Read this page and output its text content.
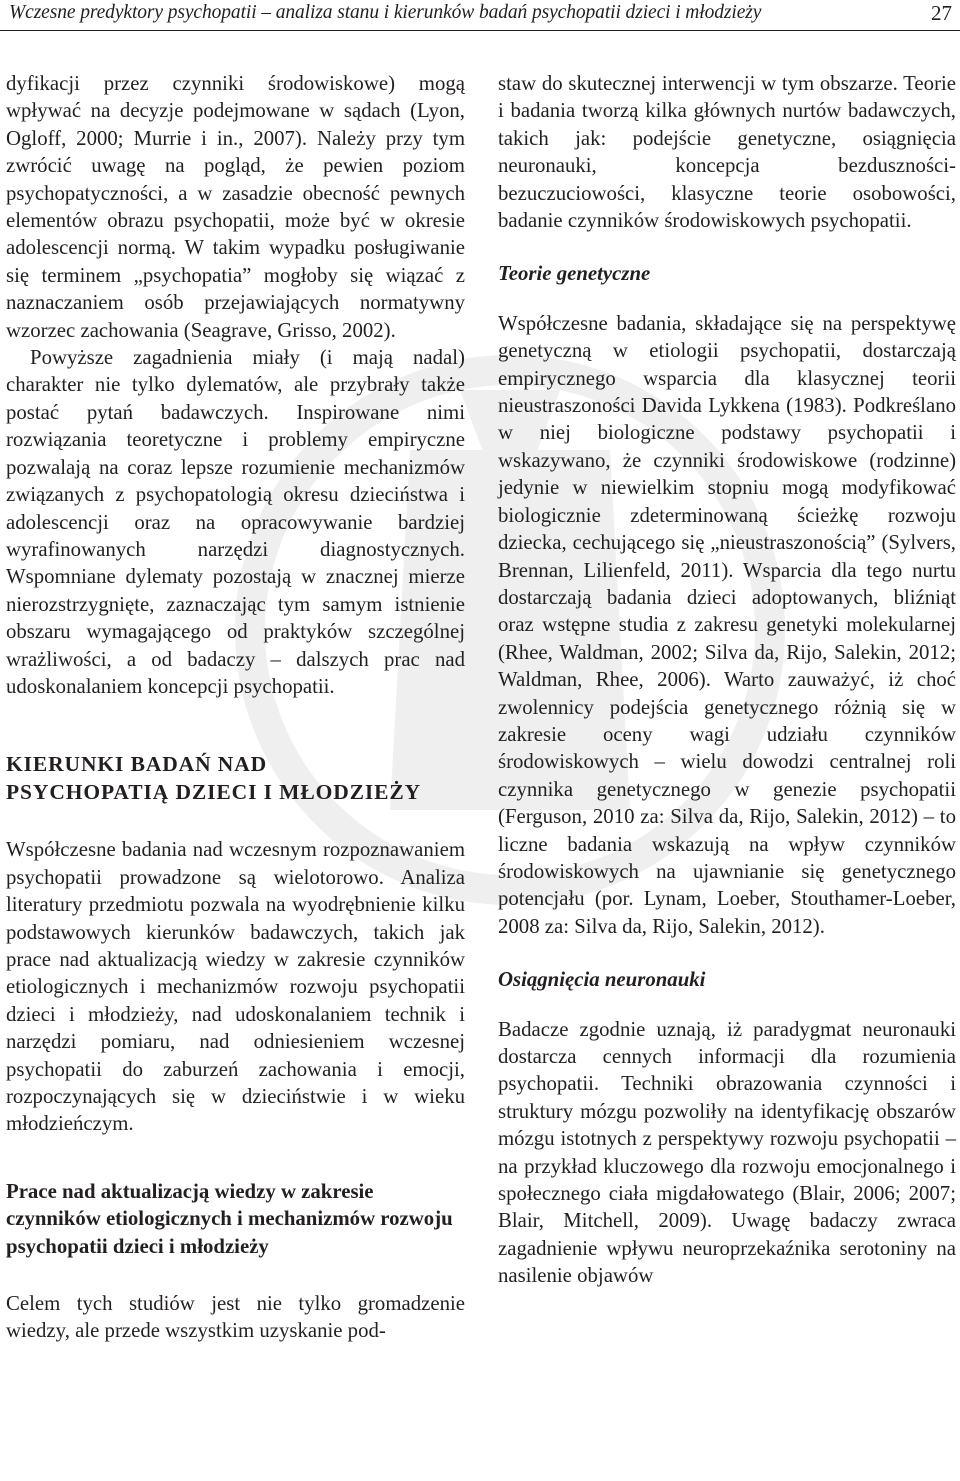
Wczesne predyktory psychopatii – analiza stanu i kierunków badań psychopatii dzieci i młodzieży	27

dyfikacji przez czynniki środowiskowe) mogą wpływać na decyzje podejmowane w sądach (Lyon, Ogloff, 2000; Murrie i in., 2007). Należy przy tym zwrócić uwagę na pogląd, że pewien poziom psychopatyczności, a w zasadzie obecność pewnych elementów obrazu psychopatii, może być w okresie adolescencji normą. W takim wypadku posługiwanie się terminem „psychopatia” mogłoby się wiązać z naznaczaniem osób przejawiających normatywny wzorzec zachowania (Seagrave, Grisso, 2002).

Powyższe zagadnienia miały (i mają nadal) charakter nie tylko dylematów, ale przybrały także postać pytań badawczych. Inspirowane nimi rozwiązania teoretyczne i problemy empiryczne pozwalają na coraz lepsze rozumienie mechanizmów związanych z psychopatologią okresu dzieciństwa i adolescencji oraz na opracowywanie bardziej wyrafinowanych narzędzi diagnostycznych. Wspomniane dylematy pozostają w znacznej mierze nierozstrzygnięte, zaznaczając tym samym istnienie obszaru wymagającego od praktyków szczególnej wrażliwości, a od badaczy – dalszych prac nad udoskonalaniem koncepcji psychopatii.

KIERUNKI BADAŃ NAD
PSYCHOPATIĄ DZIECI I MŁODZIEŻY

Współczesne badania nad wczesnym rozpoznawaniem psychopatii prowadzone są wielotorowo. Analiza literatury przedmiotu pozwala na wyodrębnienie kilku podstawowych kierunków badawczych, takich jak prace nad aktualizacją wiedzy w zakresie czynników etiologicznych i mechanizmów rozwoju psychopatii dzieci i młodzieży, nad udoskonalaniem technik i narzędzi pomiaru, nad odniesieniem wczesnej psychopatii do zaburzeń zachowania i emocji, rozpoczynających się w dzieciństwie i w wieku młodzieńczym.

Prace nad aktualizacją wiedzy w zakresie czynników etiologicznych i mechanizmów rozwoju psychopatii dzieci i młodzieży

Celem tych studiów jest nie tylko gromadzenie wiedzy, ale przede wszystkim uzyskanie pod-

staw do skutecznej interwencji w tym obszarze. Teorie i badania tworzą kilka głównych nurtów badawczych, takich jak: podejście genetyczne, osiągnięcia neuronauki, koncepcja bezduszności-bezuczuciowości, klasyczne teorie osobowości, badanie czynników środowiskowych psychopatii.

Teorie genetyczne

Współczesne badania, składające się na perspektywę genetyczną w etiologii psychopatii, dostarczają empirycznego wsparcia dla klasycznej teorii nieustraszoności Davida Lykkena (1983). Podkreślano w niej biologiczne podstawy psychopatii i wskazywano, że czynniki środowiskowe (rodzinne) jedynie w niewielkim stopniu mogą modyfikować biologicznie zdeterminowaną ścieżkę rozwoju dziecka, cechującego się „nieustraszonością” (Sylvers, Brennan, Lilienfeld, 2011). Wsparcia dla tego nurtu dostarczają badania dzieci adoptowanych, bliźniąt oraz wstępne studia z zakresu genetyki molekularnej (Rhee, Waldman, 2002; Silva da, Rijo, Salekin, 2012; Waldman, Rhee, 2006). Warto zauważyć, iż choć zwolennicy podejścia genetycznego różnią się w zakresie oceny wagi udziału czynników środowiskowych – wielu dowodzi centralnej roli czynnika genetycznego w genezie psychopatii (Ferguson, 2010 za: Silva da, Rijo, Salekin, 2012) – to liczne badania wskazują na wpływ czynników środowiskowych na ujawnianie się genetycznego potencjału (por. Lynam, Loeber, Stouthamer-Loeber, 2008 za: Silva da, Rijo, Salekin, 2012).

Osiągnięcia neuronauki

Badacze zgodnie uznają, iż paradygmat neuronauki dostarcza cennych informacji dla rozumienia psychopatii. Techniki obrazowania czynności i struktury mózgu pozwoliły na identyfikację obszarów mózgu istotnych z perspektywy rozwoju psychopatii – na przykład kluczowego dla rozwoju emocjonalnego i społecznego ciała migdałowatego (Blair, 2006; 2007; Blair, Mitchell, 2009). Uwagę badaczy zwraca zagadnienie wpływu neuroprzekaźnika serotoniny na nasilenie objawów
